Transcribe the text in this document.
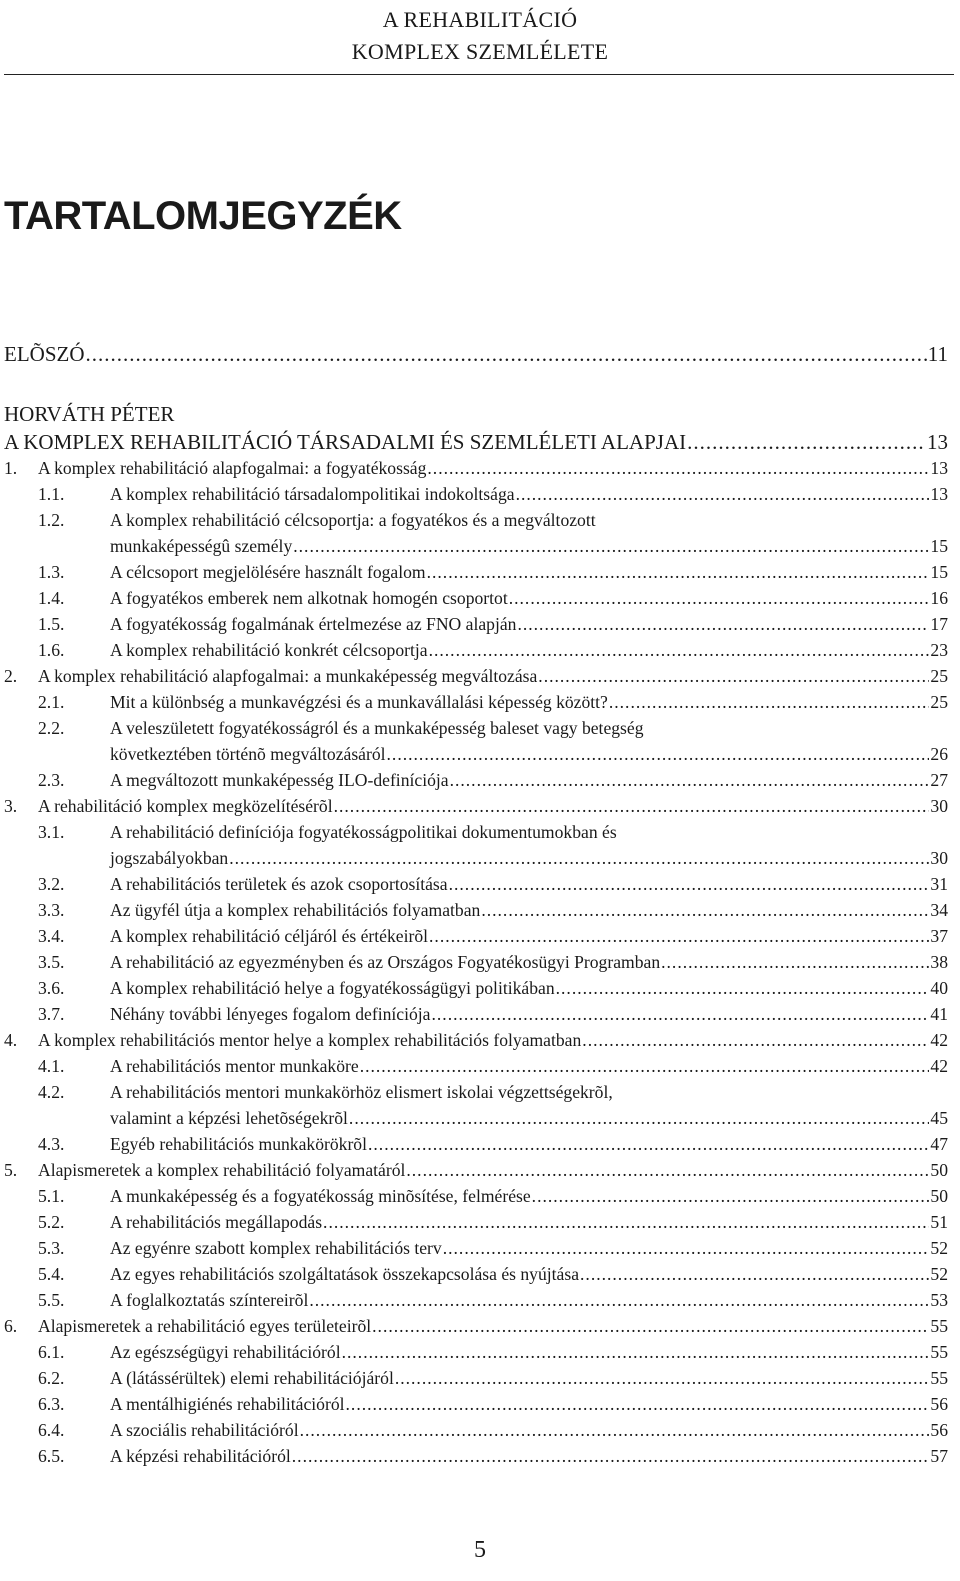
A REHABILITÁCIÓ
KOMPLEX SZEMLÉLETE
TARTALOMJEGYZÉK
ELÕSZÓ .....	11
HORVÁTH PÉTER
A KOMPLEX REHABILITÁCIÓ TÁRSADALMI ÉS SZEMLÉLETI ALAPJAI .....	13
1.	A komplex rehabilitáció alapfogalmai: a fogyatékosság .....	13
1.1.	A komplex rehabilitáció társadalompolitikai indokoltsága .....	13
1.2.	A komplex rehabilitáció célcsoportja: a fogyatékos és a megváltozott
munkaképességû személy .....	15
1.3.	A célcsoport megjelölésére használt fogalom .....	15
1.4.	A fogyatékos emberek nem alkotnak homogén csoportot .....	16
1.5.	A fogyatékosság fogalmának értelmezése az FNO alapján .....	17
1.6.	A komplex rehabilitáció konkrét célcsoportja .....	23
2.	A komplex rehabilitáció alapfogalmai: a munkaképesség megváltozása .....	25
2.1.	Mit a különbség a munkavégzési és a munkavállalási képesség között? .....	25
2.2.	A veleszületett fogyatékosságról és a munkaképesség baleset vagy betegség
következtében történõ megváltozásáról .....	26
2.3.	A megváltozott munkaképesség ILO-definíciója .....	27
3.	A rehabilitáció komplex megközelítésérõl .....	30
3.1.	A rehabilitáció definíciója fogyatékosságpolitikai dokumentumokban és
jogszabályokban .....	30
3.2.	A rehabilitációs területek és azok csoportosítása .....	31
3.3.	Az ügyfél útja a komplex rehabilitációs folyamatban .....	34
3.4.	A komplex rehabilitáció céljáról és értékeirõl .....	37
3.5.	A rehabilitáció az egyezményben és az Országos Fogyatékosügyi Programban .....	38
3.6.	A komplex rehabilitáció helye a fogyatékosságügyi politikában .....	40
3.7.	Néhány további lényeges fogalom definíciója .....	41
4.	A komplex rehabilitációs mentor helye a komplex rehabilitációs folyamatban .....	42
4.1.	A rehabilitációs mentor munkaköre .....	42
4.2.	A rehabilitációs mentori munkakörhöz elismert iskolai végzettségekrõl,
valamint a képzési lehetõségekrõl .....	45
4.3.	Egyéb rehabilitációs munkakörökrõl .....	47
5.	Alapismeretek a komplex rehabilitáció folyamatáról .....	50
5.1.	A munkaképesség és a fogyatékosság minõsítése, felmérése .....	50
5.2.	A rehabilitációs megállapodás .....	51
5.3.	Az egyénre szabott komplex rehabilitációs terv .....	52
5.4.	Az egyes rehabilitációs szolgáltatások összekapcsolása és nyújtása .....	52
5.5.	A foglalkoztatás színtereirõl .....	53
6.	Alapismeretek a rehabilitáció egyes területeirõl .....	55
6.1.	Az egészségügyi rehabilitációról .....	55
6.2.	A (látássérültek) elemi rehabilitációjáról .....	55
6.3.	A mentálhigiénés rehabilitációról .....	56
6.4.	A szociális rehabilitációról .....	56
6.5.	A képzési rehabilitációról .....	57
5
